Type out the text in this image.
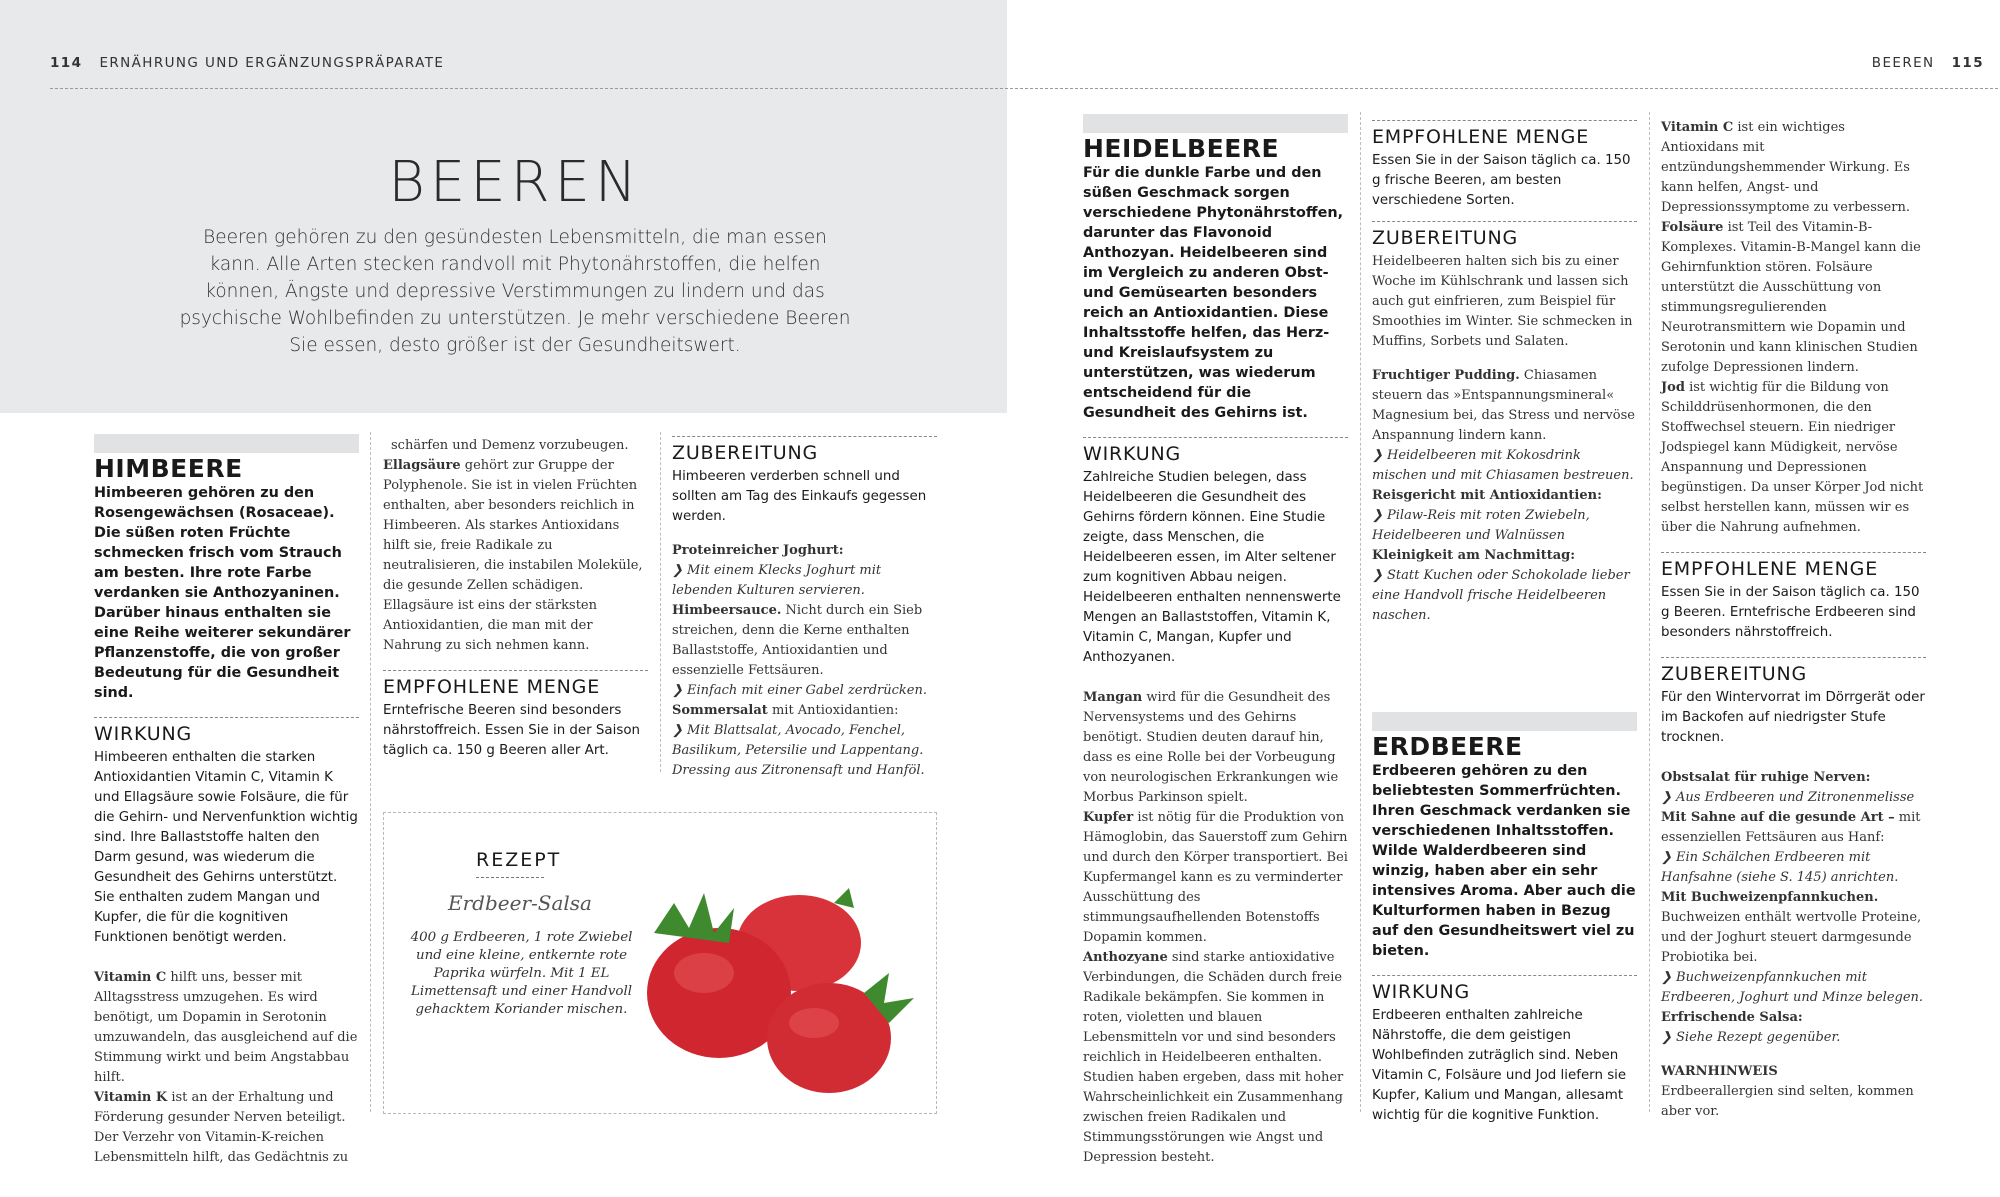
114 ERNÄHRUNG UND ERGÄNZUNGSPRÄPARATE	BEEREN 115
BEEREN
Beeren gehören zu den gesündesten Lebensmitteln, die man essen kann. Alle Arten stecken randvoll mit Phytonährstoffen, die helfen können, Ängste und depressive Verstimmungen zu lindern und das psychische Wohlbefinden zu unterstützen. Je mehr verschiedene Beeren Sie essen, desto größer ist der Gesundheitswert.
HIMBEERE
Himbeeren gehören zu den Rosengewächsen (Rosaceae). Die süßen roten Früchte schmecken frisch vom Strauch am besten. Ihre rote Farbe verdanken sie Anthozyaninen. Darüber hinaus enthalten sie eine Reihe weiterer sekundärer Pflanzenstoffe, die von großer Bedeutung für die Gesundheit sind.
WIRKUNG
Himbeeren enthalten die starken Antioxidantien Vitamin C, Vitamin K und Ellagsäure sowie Folsäure, die für die Gehirn- und Nervenfunktion wichtig sind. Ihre Ballaststoffe halten den Darm gesund, was wiederum die Gesundheit des Gehirns unterstützt. Sie enthalten zudem Mangan und Kupfer, die für die kognitiven Funktionen benötigt werden.
Vitamin C hilft uns, besser mit Alltagsstress umzugehen. Es wird benötigt, um Dopamin in Serotonin umzuwandeln, das ausgleichend auf die Stimmung wirkt und beim Angstabbau hilft.
Vitamin K ist an der Erhaltung und Förderung gesunder Nerven beteiligt. Der Verzehr von Vitamin-K-reichen Lebensmitteln hilft, das Gedächtnis zu
schärfen und Demenz vorzubeugen.
Ellagsäure gehört zur Gruppe der Polyphenole. Sie ist in vielen Früchten enthalten, aber besonders reichlich in Himbeeren. Als starkes Antioxidans hilft sie, freie Radikale zu neutralisieren, die instabilen Moleküle, die gesunde Zellen schädigen. Ellagsäure ist eins der stärksten Antioxidantien, die man mit der Nahrung zu sich nehmen kann.
EMPFOHLENE MENGE
Erntefrische Beeren sind besonders nährstoffreich. Essen Sie in der Saison täglich ca. 150 g Beeren aller Art.
ZUBEREITUNG
Himbeeren verderben schnell und sollten am Tag des Einkaufs gegessen werden.
Proteinreicher Joghurt:
❯ Mit einem Klecks Joghurt mit lebenden Kulturen servieren.
Himbeersauce. Nicht durch ein Sieb streichen, denn die Kerne enthalten Ballaststoffe, Antioxidantien und essenzielle Fettsäuren.
❯ Einfach mit einer Gabel zerdrücken.
Sommersalat mit Antioxidantien:
❯ Mit Blattsalat, Avocado, Fenchel, Basilikum, Petersilie und Lappentang. Dressing aus Zitronensaft und Hanföl.
REZEPT
Erdbeer-Salsa
400 g Erdbeeren, 1 rote Zwiebel und eine kleine, entkernte rote Paprika würfeln. Mit 1 EL Limettensaft und einer Handvoll gehacktem Koriander mischen.
HEIDELBEERE
Für die dunkle Farbe und den süßen Geschmack sorgen verschiedene Phytonährstoffen, darunter das Flavonoid Anthozyan. Heidelbeeren sind im Vergleich zu anderen Obst- und Gemüsearten besonders reich an Antioxidantien. Diese Inhaltsstoffe helfen, das Herz- und Kreislaufsystem zu unterstützen, was wiederum entscheidend für die Gesundheit des Gehirns ist.
WIRKUNG
Zahlreiche Studien belegen, dass Heidelbeeren die Gesundheit des Gehirns fördern können. Eine Studie zeigte, dass Menschen, die Heidelbeeren essen, im Alter seltener zum kognitiven Abbau neigen. Heidelbeeren enthalten nennenswerte Mengen an Ballaststoffen, Vitamin K, Vitamin C, Mangan, Kupfer und Anthozyanen.
Mangan wird für die Gesundheit des Nervensystems und des Gehirns benötigt. Studien deuten darauf hin, dass es eine Rolle bei der Vorbeugung von neurologischen Erkrankungen wie Morbus Parkinson spielt.
Kupfer ist nötig für die Produktion von Hämoglobin, das Sauerstoff zum Gehirn und durch den Körper transportiert. Bei Kupfermangel kann es zu verminderter Ausschüttung des stimmungsaufhellenden Botenstoffs Dopamin kommen.
Anthozyane sind starke antioxidative Verbindungen, die Schäden durch freie Radikale bekämpfen. Sie kommen in roten, violetten und blauen Lebensmitteln vor und sind besonders reichlich in Heidelbeeren enthalten. Studien haben ergeben, dass mit hoher Wahrscheinlichkeit ein Zusammenhang zwischen freien Radikalen und Stimmungsstörungen wie Angst und Depression besteht.
EMPFOHLENE MENGE
Essen Sie in der Saison täglich ca. 150 g frische Beeren, am besten verschiedene Sorten.
ZUBEREITUNG
Heidelbeeren halten sich bis zu einer Woche im Kühlschrank und lassen sich auch gut einfrieren, zum Beispiel für Smoothies im Winter. Sie schmecken in Muffins, Sorbets und Salaten.
Fruchtiger Pudding. Chiasamen steuern das »Entspannungsmineral« Magnesium bei, das Stress und nervöse Anspannung lindern kann.
❯ Heidelbeeren mit Kokosdrink mischen und mit Chiasamen bestreuen.
Reisgericht mit Antioxidantien:
❯ Pilaw-Reis mit roten Zwiebeln, Heidelbeeren und Walnüssen
Kleinigkeit am Nachmittag:
❯ Statt Kuchen oder Schokolade lieber eine Handvoll frische Heidelbeeren naschen.
ERDBEERE
Erdbeeren gehören zu den beliebtesten Sommerfrüchten. Ihren Geschmack verdanken sie verschiedenen Inhaltsstoffen. Wilde Walderdbeeren sind winzig, haben aber ein sehr intensives Aroma. Aber auch die Kulturformen haben in Bezug auf den Gesundheitswert viel zu bieten.
WIRKUNG
Erdbeeren enthalten zahlreiche Nährstoffe, die dem geistigen Wohlbefinden zuträglich sind. Neben Vitamin C, Folsäure und Jod liefern sie Kupfer, Kalium und Mangan, allesamt wichtig für die kognitive Funktion.
Vitamin C ist ein wichtiges Antioxidans mit entzündungshemmender Wirkung. Es kann helfen, Angst- und Depressionssymptome zu verbessern.
Folsäure ist Teil des Vitamin-B-Komplexes. Vitamin-B-Mangel kann die Gehirnfunktion stören. Folsäure unterstützt die Ausschüttung von stimmungsregulierenden Neurotransmittern wie Dopamin und Serotonin und kann klinischen Studien zufolge Depressionen lindern.
Jod ist wichtig für die Bildung von Schilddrüsenhormonen, die den Stoffwechsel steuern. Ein niedriger Jodspiegel kann Müdigkeit, nervöse Anspannung und Depressionen begünstigen. Da unser Körper Jod nicht selbst herstellen kann, müssen wir es über die Nahrung aufnehmen.
EMPFOHLENE MENGE
Essen Sie in der Saison täglich ca. 150 g Beeren. Erntefrische Erdbeeren sind besonders nährstoffreich.
ZUBEREITUNG
Für den Wintervorrat im Dörrgerät oder im Backofen auf niedrigster Stufe trocknen.
Obstsalat für ruhige Nerven:
❯ Aus Erdbeeren und Zitronenmelisse
Mit Sahne auf die gesunde Art – mit essenziellen Fettsäuren aus Hanf:
❯ Ein Schälchen Erdbeeren mit Hanfsahne (siehe S. 145) anrichten.
Mit Buchweizenpfannkuchen. Buchweizen enthält wertvolle Proteine, und der Joghurt steuert darmgesunde Probiotika bei.
❯ Buchweizenpfannkuchen mit Erdbeeren, Joghurt und Minze belegen.
Erfrischende Salsa:
❯ Siehe Rezept gegenüber.
WARNHINWEIS
Erdbeerallergien sind selten, kommen aber vor.
